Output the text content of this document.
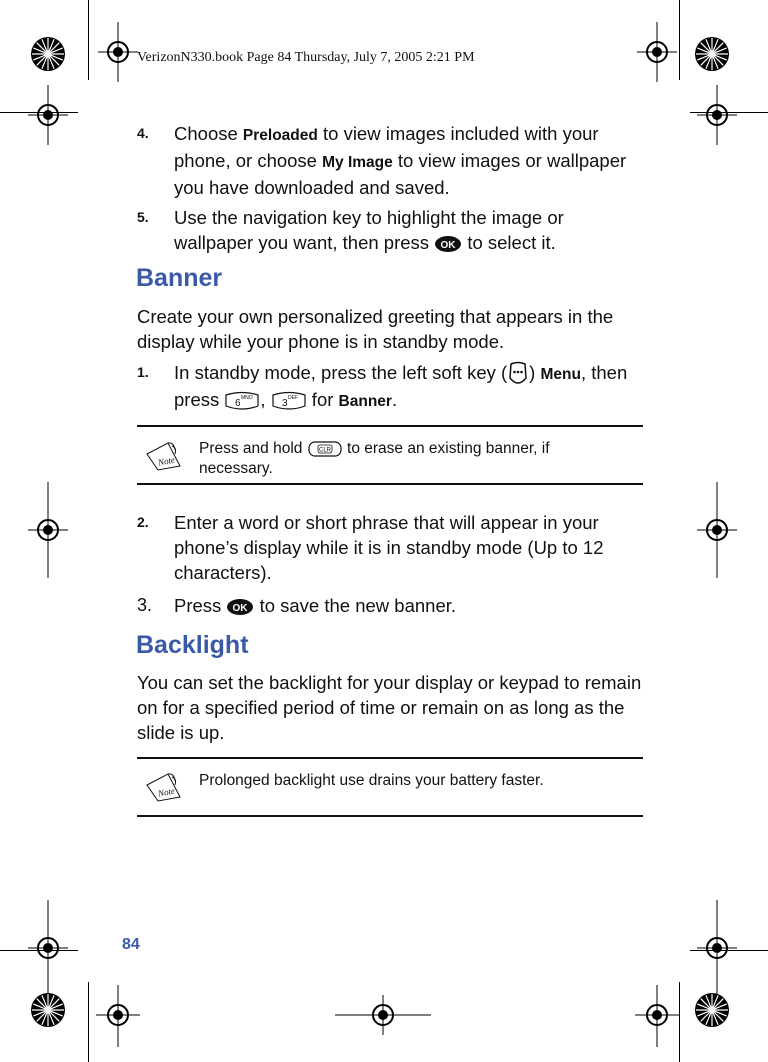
VerizonN330.book Page 84 Thursday, July 7, 2005 2:21 PM
4. Choose Preloaded to view images included with your phone, or choose My Image to view images or wallpaper you have downloaded and saved.
5. Use the navigation key to highlight the image or wallpaper you want, then press OK to select it.
Banner
Create your own personalized greeting that appears in the display while your phone is in standby mode.
1. In standby mode, press the left soft key ( ) Menu, then press 6 MNO , 3 DEF for Banner.
Note
Press and hold CLR to erase an existing banner, if necessary.
2. Enter a word or short phrase that will appear in your phone’s display while it is in standby mode (Up to 12 characters).
3. Press OK to save the new banner.
Backlight
You can set the backlight for your display or keypad to remain on for a specified period of time or remain on as long as the slide is up.
Note
Prolonged backlight use drains your battery faster.
84
